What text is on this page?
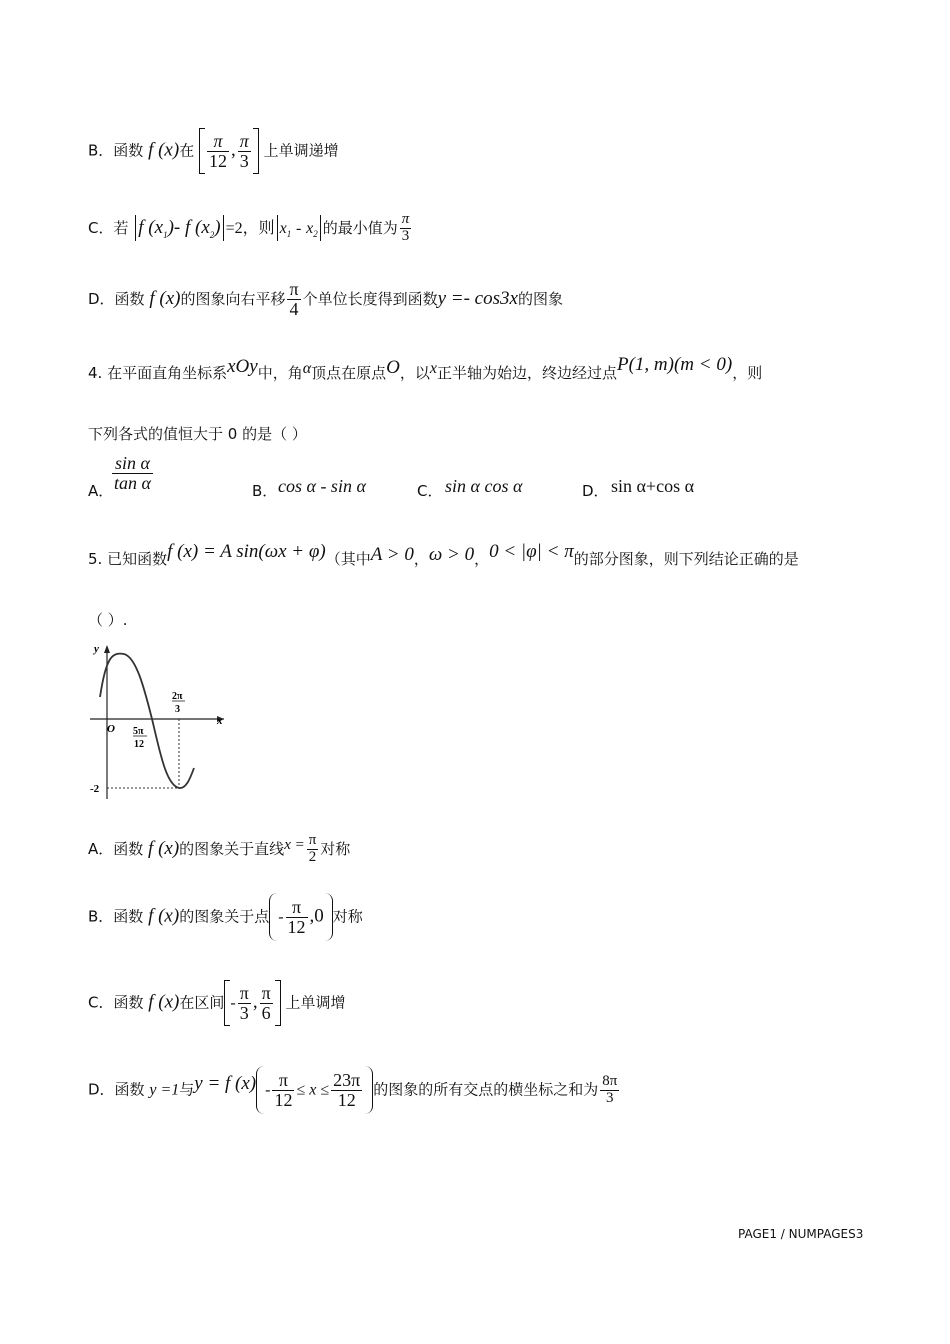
B．函数 f (x)在 $\frac{\pi}{12}$ , $\frac{\pi}{3}$ 上单调递增
C．若 f $(x_1)-$ f $(x_2) =2$，则 $x_1 - x_2$ 的最小值为 $\frac{\pi}{3}$
D．函数 f (x)的图象向右平移 $\frac{\pi}{4}$ 个单位长度得到函数y =- cos3x的图象
4. 在平面直角坐标系xOy中，角α顶点在原点O，以x正半轴为始边，终边经过点P(1, m)(m < 0)，则
下列各式的值恒大于 0 的是（ ）
A．
$\frac{\text{sin α}}{\text{tan α}}$	B． cos α - sin α	C． sin α cos α	D． sin α+cos α
5. 已知函数f (x) = A sin(ωx + φ)（其中A > 0，ω > 0，0 < |φ| < π的部分图象，则下列结论正确的是
（ ）.
y
x
O 5π
12
2π
3
-2
A．函数 f (x)的图象关于直线$x = \frac{\pi}{2}$ 对称
B．函数 f (x)的图象关于点 - $\frac{\pi}{12} ,0$ 对称
C．函数 f (x)在区间 - $\frac{\pi}{3}$ , $\frac{\pi}{6}$ 上单调增
D．函数 y =1与y = f $(x) - \frac{\pi}{12} \le x \le \frac{23\pi}{12}$ 的图象的所有交点的横坐标之和为 $\frac{8\pi}{3}$
PAGE1 / NUMPAGES3
